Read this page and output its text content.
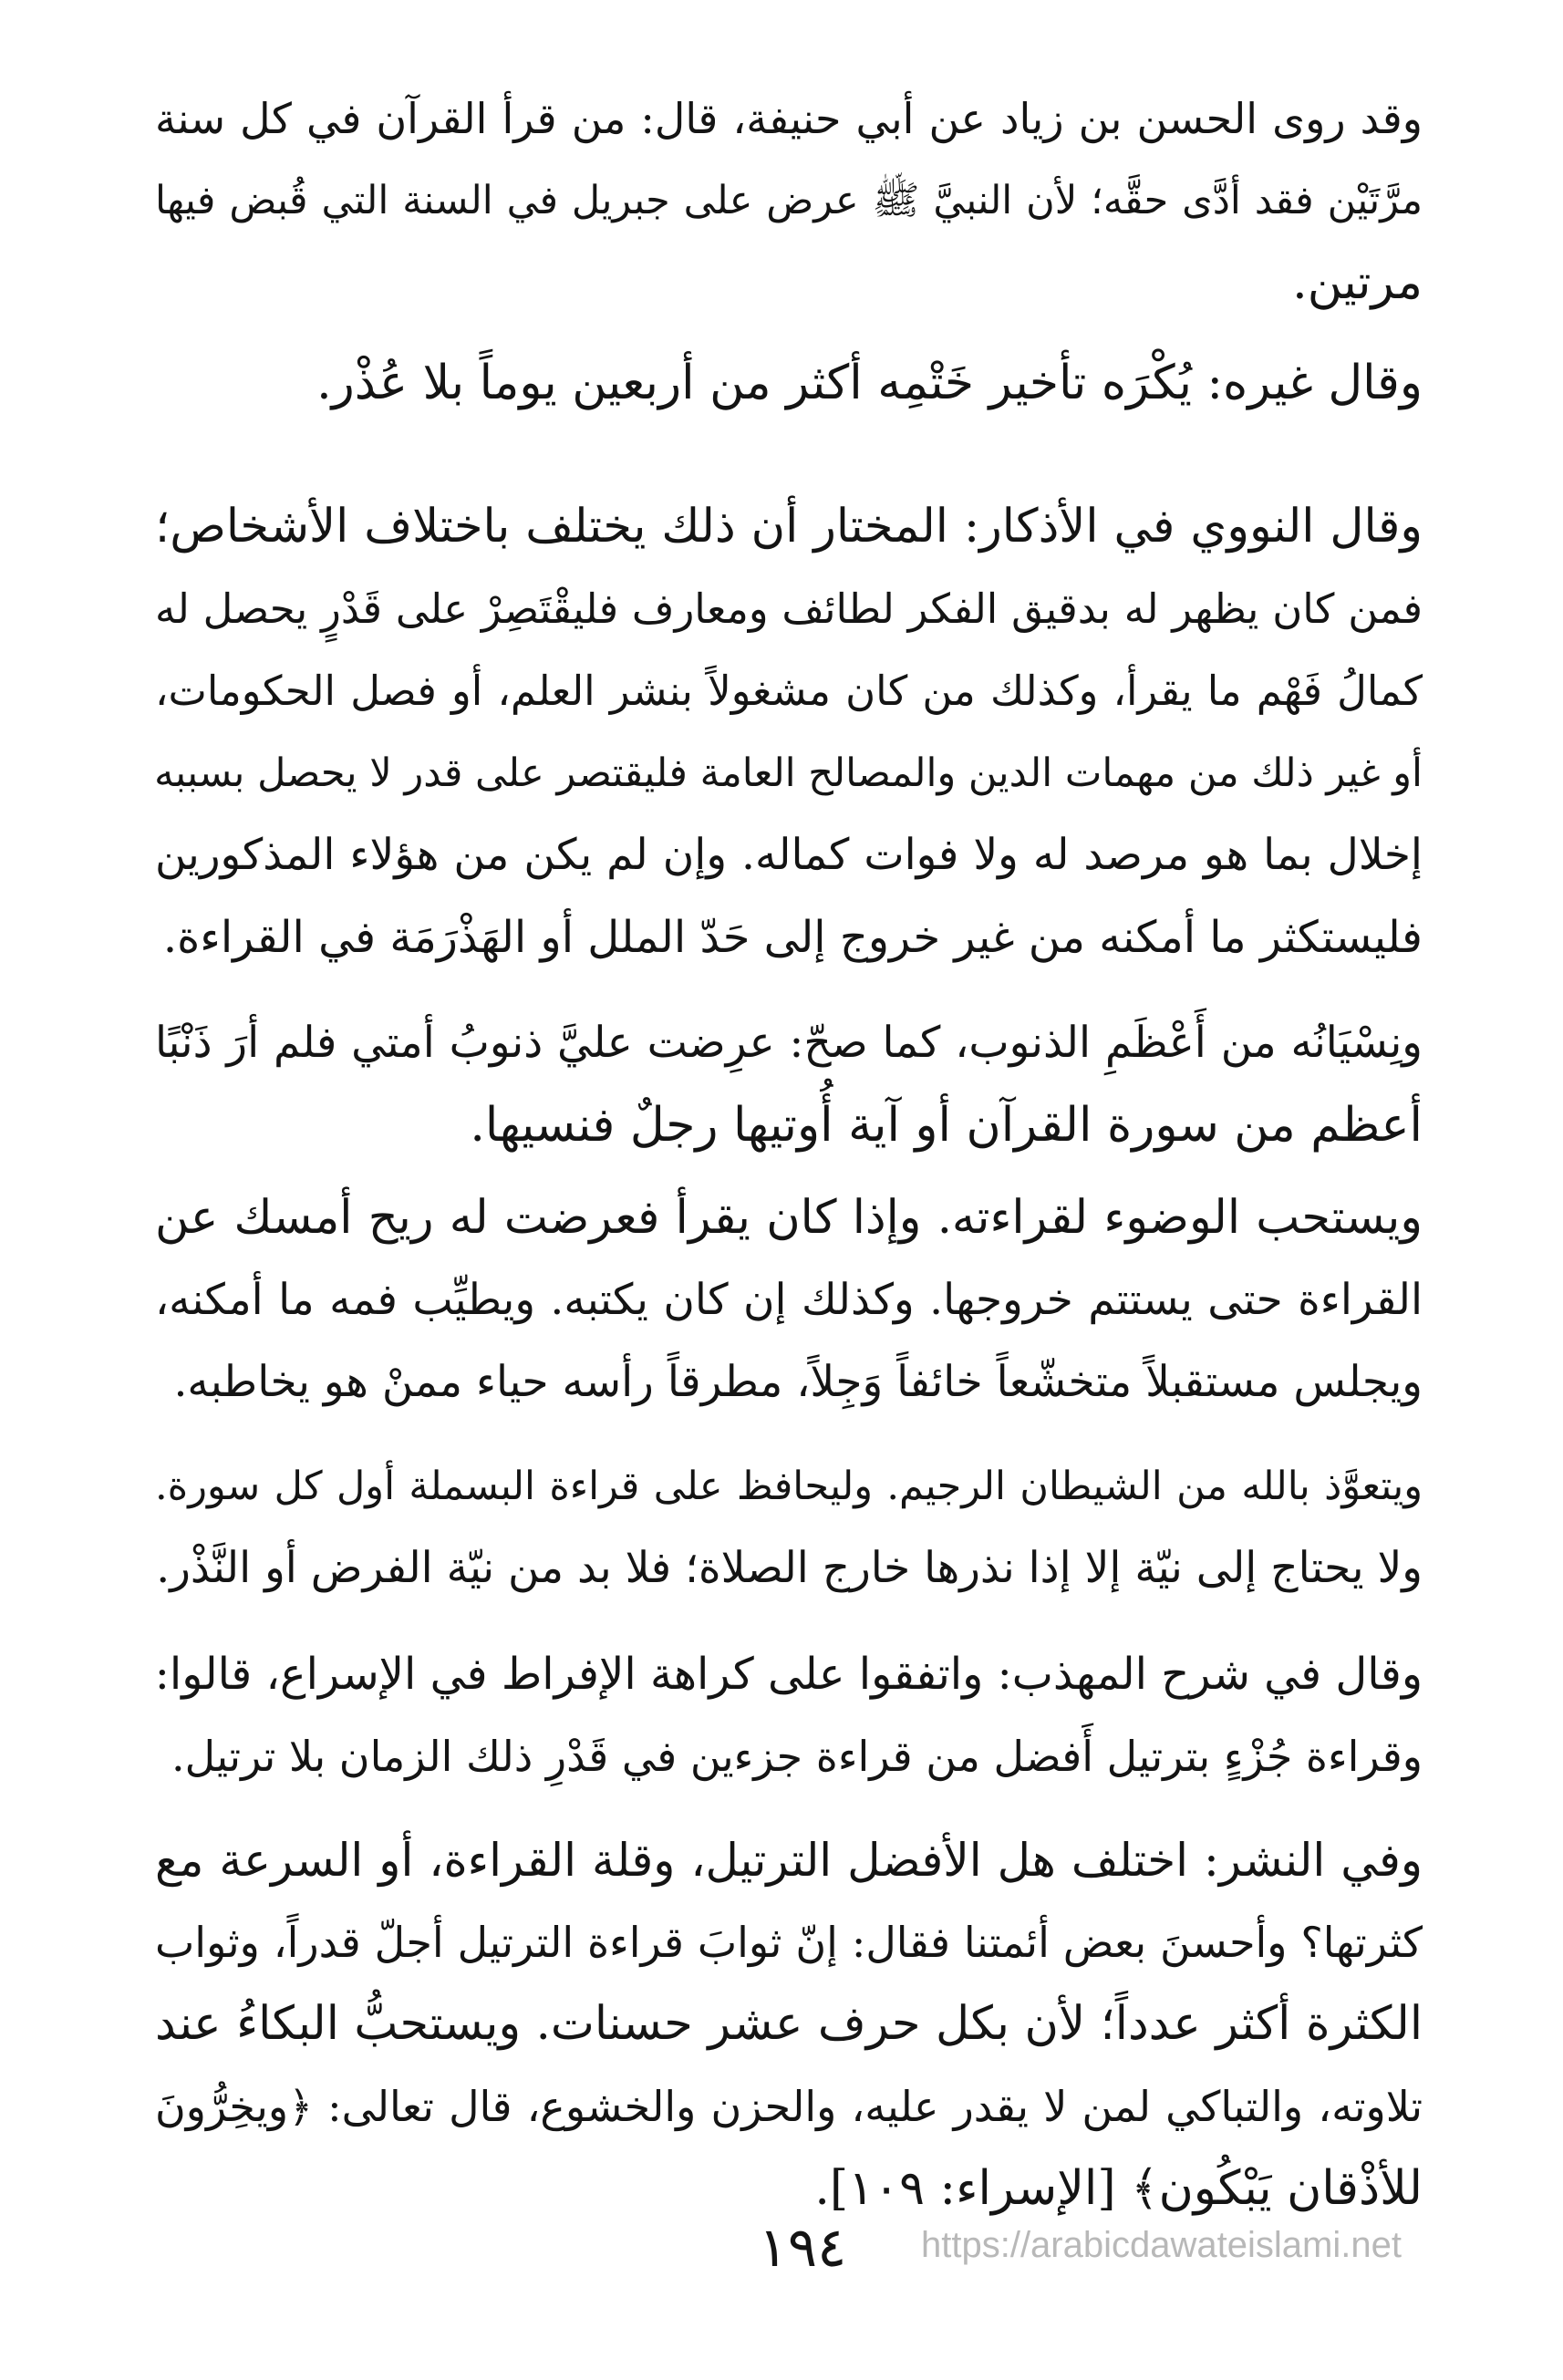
وقد روى الحسن بن زياد عن أبي حنيفة، قال: من قرأ القرآن في كل سنة
مرَّتَيْن فقد أدَّى حقَّه؛ لأن النبيَّ ﷺ عرض على جبريل في السنة التي قُبض فيها
مرتين.
وقال غيره: يُكْرَه تأخير خَتْمِه أكثر من أربعين يوماً بلا عُذْر.
وقال النووي في الأذكار: المختار أن ذلك يختلف باختلاف الأشخاص؛
فمن كان يظهر له بدقيق الفكر لطائف ومعارف فليقْتَصِرْ على قَدْرٍ يحصل له
كمالُ فَهْم ما يقرأ، وكذلك من كان مشغولاً بنشر العلم، أو فصل الحكومات،
أو غير ذلك من مهمات الدين والمصالح العامة فليقتصر على قدر لا يحصل بسببه
إخلال بما هو مرصد له ولا فوات كماله. وإن لم يكن من هؤلاء المذكورين
فليستكثر ما أمكنه من غير خروج إلى حَدّ الملل أو الهَذْرَمَة في القراءة.
ونِسْيَانُه من أَعْظَمِ الذنوب، كما صحّ: عرِضت عليَّ ذنوبُ أمتي فلم أرَ ذَنْبًا
أعظم من سورة القرآن أو آية أُوتيها رجلٌ فنسيها.
ويستحب الوضوء لقراءته. وإذا كان يقرأ فعرضت له ريح أمسك عن
القراءة حتى يستتم خروجها. وكذلك إن كان يكتبه. ويطيِّب فمه ما أمكنه،
ويجلس مستقبلاً متخشّعاً خائفاً وَجِلاً، مطرقاً رأسه حياء ممنْ هو يخاطبه.
ويتعوَّذ بالله من الشيطان الرجيم. وليحافظ على قراءة البسملة أول كل سورة.
ولا يحتاج إلى نيّة إلا إذا نذرها خارج الصلاة؛ فلا بد من نيّة الفرض أو النَّذْر.
وقال في شرح المهذب: واتفقوا على كراهة الإفراط في الإسراع، قالوا:
وقراءة جُزْءٍ بترتيل أَفضل من قراءة جزءين في قَدْرِ ذلك الزمان بلا ترتيل.
وفي النشر: اختلف هل الأفضل الترتيل، وقلة القراءة، أو السرعة مع
كثرتها؟ وأحسنَ بعض أئمتنا فقال: إنّ ثوابَ قراءة الترتيل أجلّ قدراً، وثواب
الكثرة أكثر عدداً؛ لأن بكل حرف عشر حسنات. ويستحبُّ البكاءُ عند
تلاوته، والتباكي لمن لا يقدر عليه، والحزن والخشوع، قال تعالى: ﴿ويخِرُّونَ
للأذْقان يَبْكُون﴾ [الإسراء: ١٠٩].
١٩٤	https://arabicdawateislami.net
